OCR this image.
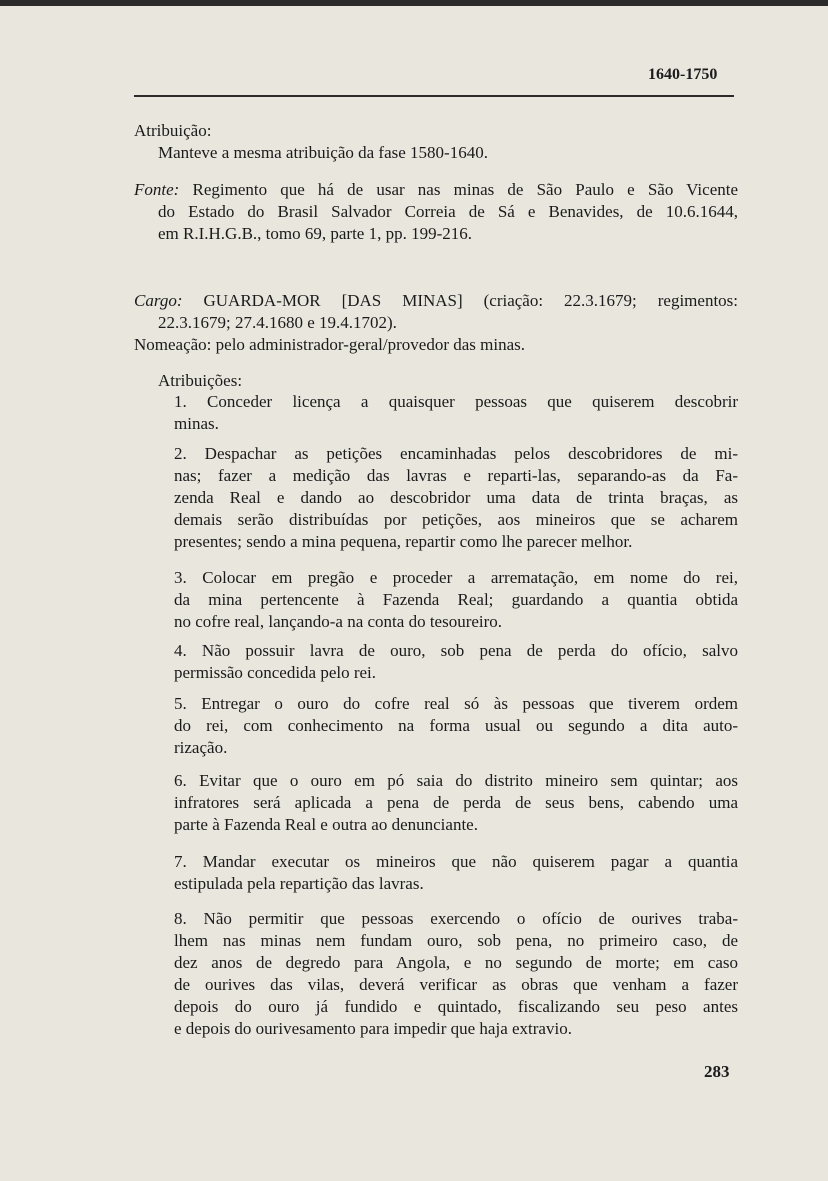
1640-1750
Atribuição:
Manteve a mesma atribuição da fase 1580-1640.
Fonte: Regimento que há de usar nas minas de São Paulo e São Vicente
do Estado do Brasil Salvador Correia de Sá e Benavides, de 10.6.1644,
em R.I.H.G.B., tomo 69, parte 1, pp. 199-216.
Cargo: GUARDA-MOR [DAS MINAS] (criação: 22.3.1679; regimentos:
22.3.1679; 27.4.1680 e 19.4.1702).
Nomeação: pelo administrador-geral/provedor das minas.
Atribuições:
1. Conceder licença a quaisquer pessoas que quiserem descobrir
minas.
2. Despachar as petições encaminhadas pelos descobridores de mi-
nas; fazer a medição das lavras e reparti-las, separando-as da Fa-
zenda Real e dando ao descobridor uma data de trinta braças, as
demais serão distribuídas por petições, aos mineiros que se acharem
presentes; sendo a mina pequena, repartir como lhe parecer melhor.
3. Colocar em pregão e proceder a arrematação, em nome do rei,
da mina pertencente à Fazenda Real; guardando a quantia obtida
no cofre real, lançando-a na conta do tesoureiro.
4. Não possuir lavra de ouro, sob pena de perda do ofício, salvo
permissão concedida pelo rei.
5. Entregar o ouro do cofre real só às pessoas que tiverem ordem
do rei, com conhecimento na forma usual ou segundo a dita auto-
rização.
6. Evitar que o ouro em pó saia do distrito mineiro sem quintar; aos
infratores será aplicada a pena de perda de seus bens, cabendo uma
parte à Fazenda Real e outra ao denunciante.
7. Mandar executar os mineiros que não quiserem pagar a quantia
estipulada pela repartição das lavras.
8. Não permitir que pessoas exercendo o ofício de ourives traba-
lhem nas minas nem fundam ouro, sob pena, no primeiro caso, de
dez anos de degredo para Angola, e no segundo de morte; em caso
de ourives das vilas, deverá verificar as obras que venham a fazer
depois do ouro já fundido e quintado, fiscalizando seu peso antes
e depois do ourivesamento para impedir que haja extravio.
283
